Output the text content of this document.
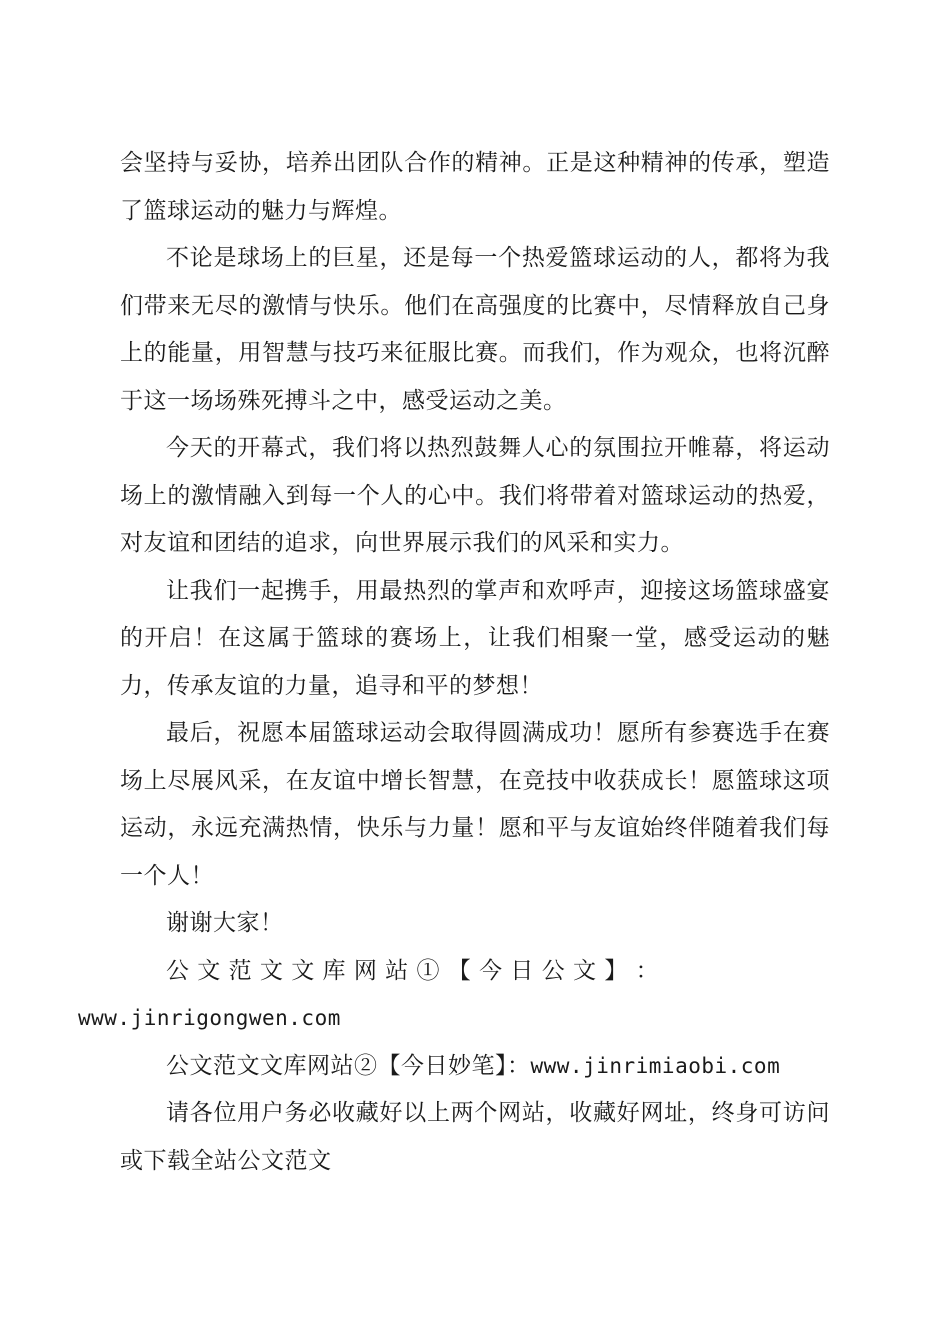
会坚持与妥协，培养出团队合作的精神。正是这种精神的传承，塑造了篮球运动的魅力与辉煌。

不论是球场上的巨星，还是每一个热爱篮球运动的人，都将为我们带来无尽的激情与快乐。他们在高强度的比赛中，尽情释放自己身上的能量，用智慧与技巧来征服比赛。而我们，作为观众，也将沉醉于这一场场殊死搏斗之中，感受运动之美。

今天的开幕式，我们将以热烈鼓舞人心的氛围拉开帷幕，将运动场上的激情融入到每一个人的心中。我们将带着对篮球运动的热爱，对友谊和团结的追求，向世界展示我们的风采和实力。

让我们一起携手，用最热烈的掌声和欢呼声，迎接这场篮球盛宴的开启！在这属于篮球的赛场上，让我们相聚一堂，感受运动的魅力，传承友谊的力量，追寻和平的梦想！

最后，祝愿本届篮球运动会取得圆满成功！愿所有参赛选手在赛场上尽展风采，在友谊中增长智慧，在竞技中收获成长！愿篮球这项运动，永远充满热情，快乐与力量！愿和平与友谊始终伴随着我们每一个人！

谢谢大家！

公 文 范 文 文 库 网 站 ① 【 今 日 公 文 】 ：
www.jinrigongwen.com

公文范文文库网站②【今日妙笔】：www.jinrimiaobi.com

请各位用户务必收藏好以上两个网站，收藏好网址，终身可访问或下载全站公文范文
